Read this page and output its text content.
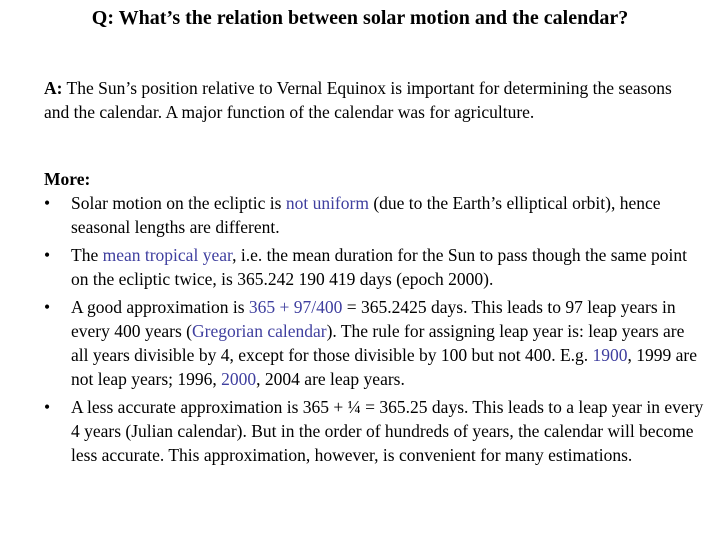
Q: What’s the relation between solar motion and the calendar?
A: The Sun’s position relative to Vernal Equinox is important for determining the seasons and the calendar. A major function of the calendar was for agriculture.
More:
• Solar motion on the ecliptic is not uniform (due to the Earth’s elliptical orbit), hence seasonal lengths are different.
• The mean tropical year, i.e. the mean duration for the Sun to pass though the same point on the ecliptic twice, is 365.242 190 419 days (epoch 2000).
• A good approximation is 365 + 97/400 = 365.2425 days. This leads to 97 leap years in every 400 years (Gregorian calendar). The rule for assigning leap year is: leap years are all years divisible by 4, except for those divisible by 100 but not 400. E.g. 1900, 1999 are not leap years; 1996, 2000, 2004 are leap years.
• A less accurate approximation is 365 + ¼ = 365.25 days. This leads to a leap year in every 4 years (Julian calendar). But in the order of hundreds of years, the calendar will become less accurate. This approximation, however, is convenient for many estimations.
